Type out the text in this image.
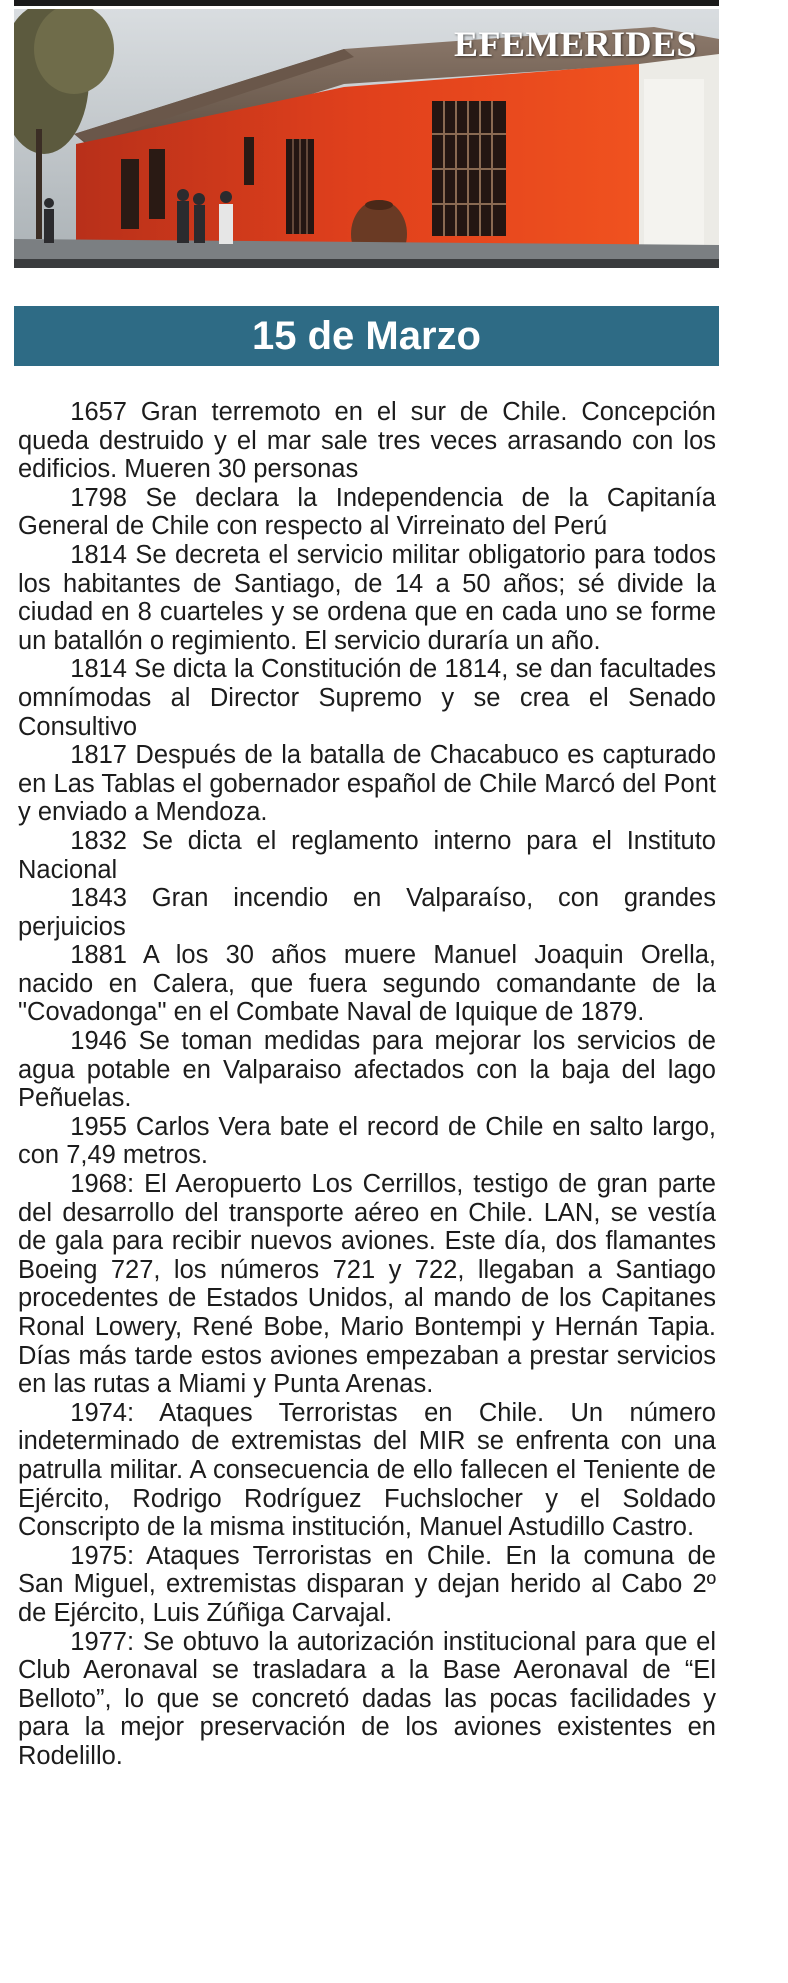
EFEMERIDES
15 de Marzo

1657 Gran terremoto en el sur de Chile. Concepción queda destruido y el mar sale tres veces arrasando con los edificios. Mueren 30 personas

1798 Se declara la Independencia de la Capitanía General de Chile con respecto al Virreinato del Perú

1814 Se decreta el servicio militar obligatorio para todos los habitantes de Santiago, de 14 a 50 años; sé divide la ciudad en 8 cuarteles y se ordena que en cada uno se forme un batallón o regimiento. El servicio duraría un año.

1814 Se dicta la Constitución de 1814, se dan facultades omnímodas al Director Supremo y se crea el Senado Consultivo

1817 Después de la batalla de Chacabuco es capturado en Las Tablas el gobernador español de Chile Marcó del Pont y enviado a Mendoza.

1832 Se dicta el reglamento interno para el Instituto Nacional

1843 Gran incendio en Valparaíso, con grandes perjuicios

1881 A los 30 años muere Manuel Joaquin Orella, nacido en Calera, que fuera segundo comandante de la "Covadonga" en el Combate Naval de Iquique de 1879.

1946 Se toman medidas para mejorar los servicios de agua potable en Valparaiso afectados con la baja del lago Peñuelas.

1955 Carlos Vera bate el record de Chile en salto largo, con 7,49 metros.

1968: El Aeropuerto Los Cerrillos, testigo de gran parte del desarrollo del transporte aéreo en Chile. LAN, se vestía de gala para recibir nuevos aviones. Este día, dos flamantes Boeing 727, los números 721 y 722, llegaban a Santiago procedentes de Estados Unidos, al mando de los Capitanes Ronal Lowery, René Bobe, Mario Bontempi y Hernán Tapia. Días más tarde estos aviones empezaban a prestar servicios en las rutas a Miami y Punta Arenas.

1974: Ataques Terroristas en Chile. Un número indeterminado de extremistas del MIR se enfrenta con una patrulla militar. A consecuencia de ello fallecen el Teniente de Ejército, Rodrigo Rodríguez Fuchslocher y el Soldado Conscripto de la misma institución, Manuel Astudillo Castro.

1975: Ataques Terroristas en Chile. En la comuna de San Miguel, extremistas disparan y dejan herido al Cabo 2º de Ejército, Luis Zúñiga Carvajal.

1977: Se obtuvo la autorización institucional para que el Club Aeronaval se trasladara a la Base Aeronaval de “El Belloto”, lo que se concretó dadas las pocas facilidades y para la mejor preservación de los aviones existentes en Rodelillo.
